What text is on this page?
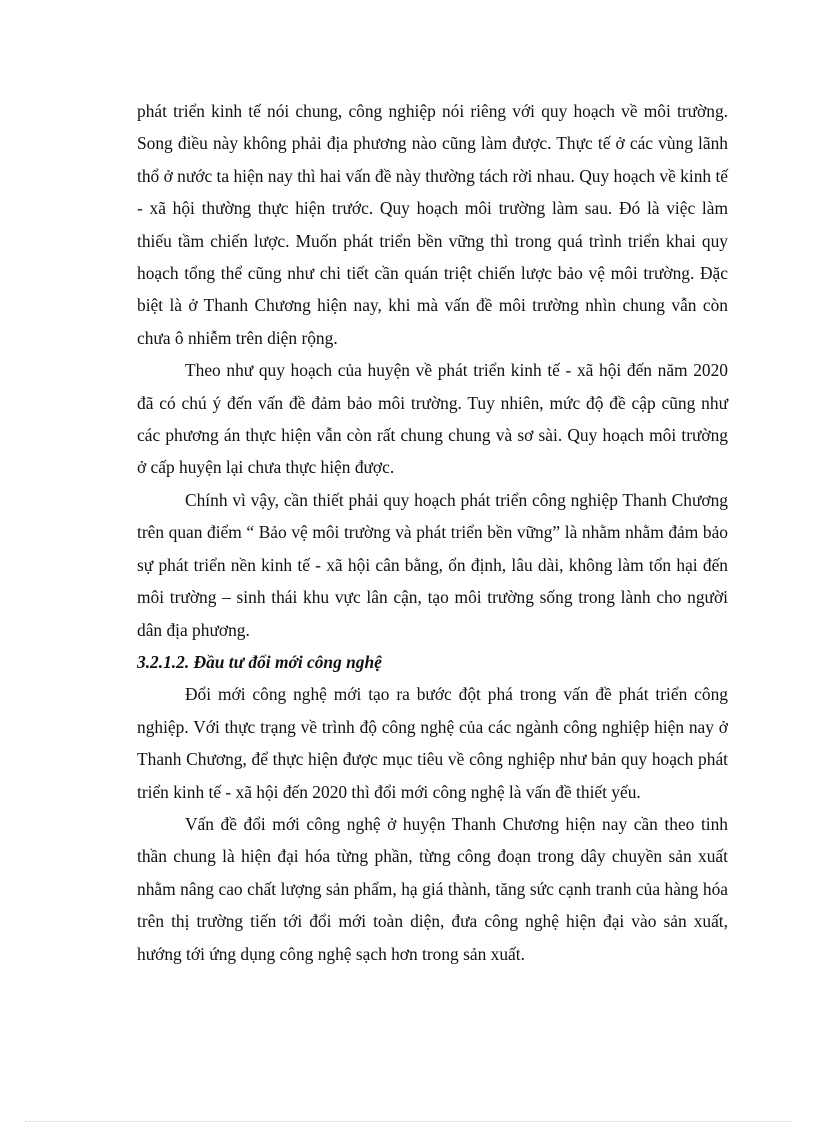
phát triển kinh tế nói chung, công nghiệp nói riêng với quy hoạch về môi trường. Song điều này không phải địa phương nào cũng làm được. Thực tế ở các vùng lãnh thổ ở nước ta hiện nay thì hai vấn đề này thường tách rời nhau. Quy hoạch về kinh tế - xã hội thường thực hiện trước. Quy hoạch môi trường làm sau. Đó là việc làm thiếu tầm chiến lược. Muốn phát triển bền vững thì trong quá trình triển khai quy hoạch tổng thể cũng như chi tiết cần quán triệt chiến lược bảo vệ môi trường. Đặc biệt là ở Thanh Chương hiện nay, khi mà vấn đề môi trường nhìn chung vẫn còn chưa ô nhiễm trên diện rộng.

Theo như quy hoạch của huyện về phát triển kinh tế - xã hội đến năm 2020 đã có chú ý đến vấn đề đảm bảo môi trường. Tuy nhiên, mức độ đề cập cũng như các phương án thực hiện vẫn còn rất chung chung và sơ sài. Quy hoạch môi trường ở cấp huyện lại chưa thực hiện được.

Chính vì vậy, cần thiết phải quy hoạch phát triển công nghiệp Thanh Chương trên quan điểm “ Bảo vệ môi trường và phát triển bền vững” là nhằm nhằm đảm bảo sự phát triển nền kinh tế - xã hội cân bằng, ổn định, lâu dài, không làm tổn hại đến môi trường – sinh thái khu vực lân cận, tạo môi trường sống trong lành cho người dân địa phương.

3.2.1.2. Đầu tư đổi mới công nghệ

Đổi mới công nghệ mới tạo ra bước đột phá trong vấn đề phát triển công nghiệp. Với thực trạng về trình độ công nghệ của các ngành công nghiệp hiện nay ở Thanh Chương, để thực hiện được mục tiêu về công nghiệp như bản quy hoạch phát triển kinh tế - xã hội đến 2020 thì đổi mới công nghệ là vấn đề thiết yếu.

Vấn đề đổi mới công nghệ ở huyện Thanh Chương hiện nay cần theo tinh thần chung là hiện đại hóa từng phần, từng công đoạn trong dây chuyền sản xuất nhằm nâng cao chất lượng sản phẩm, hạ giá thành, tăng sức cạnh tranh của hàng hóa trên thị trường tiến tới đổi mới toàn diện, đưa công nghệ hiện đại vào sản xuất, hướng tới ứng dụng công nghệ sạch hơn trong sản xuất.
